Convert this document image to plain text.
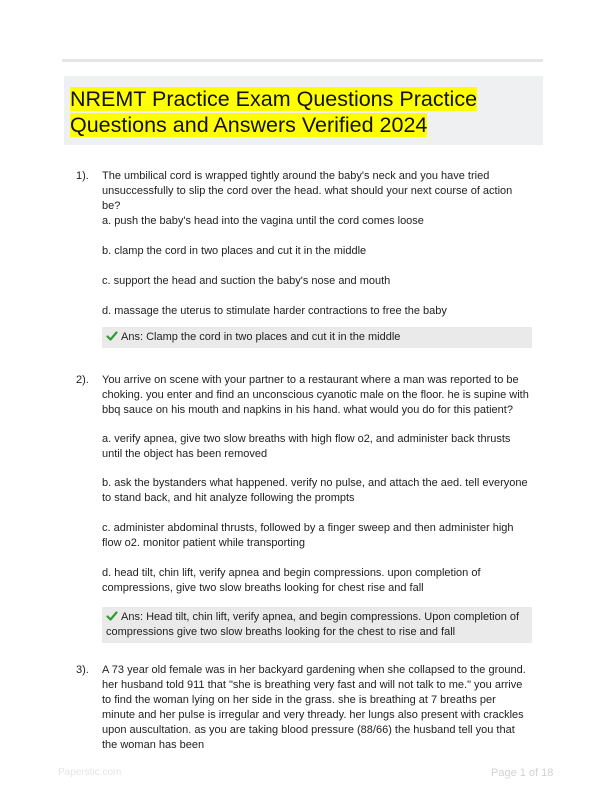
NREMT Practice Exam Questions Practice Questions and Answers Verified 2024
1). The umbilical cord is wrapped tightly around the baby's neck and you have tried unsuccessfully to slip the cord over the head. what should your next course of action be?

a. push the baby's head into the vagina until the cord comes loose

b. clamp the cord in two places and cut it in the middle

c. support the head and suction the baby's nose and mouth

d. massage the uterus to stimulate harder contractions to free the baby

Ans: Clamp the cord in two places and cut it in the middle
2). You arrive on scene with your partner to a restaurant where a man was reported to be choking. you enter and find an unconscious cyanotic male on the floor. he is supine with bbq sauce on his mouth and napkins in his hand. what would you do for this patient?

a. verify apnea, give two slow breaths with high flow o2, and administer back thrusts until the object has been removed

b. ask the bystanders what happened. verify no pulse, and attach the aed. tell everyone to stand back, and hit analyze following the prompts

c. administer abdominal thrusts, followed by a finger sweep and then administer high flow o2. monitor patient while transporting

d. head tilt, chin lift, verify apnea and begin compressions. upon completion of compressions, give two slow breaths looking for chest rise and fall

Ans: Head tilt, chin lift, verify apnea, and begin compressions. Upon completion of compressions give two slow breaths looking for the chest to rise and fall
3). A 73 year old female was in her backyard gardening when she collapsed to the ground. her husband told 911 that "she is breathing very fast and will not talk to me." you arrive to find the woman lying on her side in the grass. she is breathing at 7 breaths per minute and her pulse is irregular and very thready. her lungs also present with crackles upon auscultation. as you are taking blood pressure (88/66) the husband tell you that the woman has been

Paperstic.com	Page 1 of 18
